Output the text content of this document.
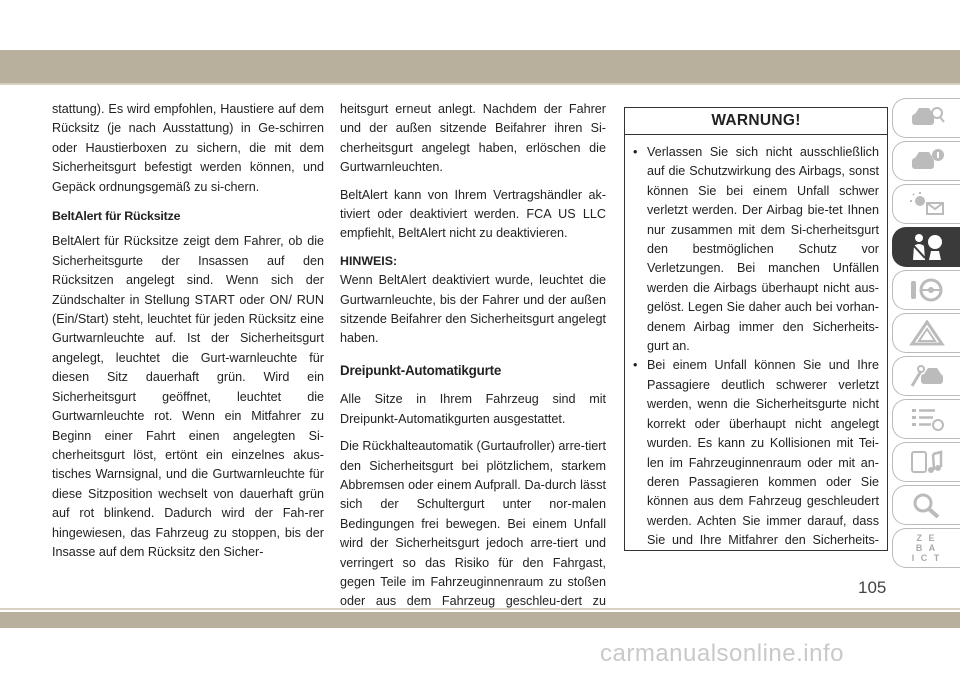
stattung). Es wird empfohlen, Haustiere auf dem Rücksitz (je nach Ausstattung) in Ge-schirren oder Haustierboxen zu sichern, die mit dem Sicherheitsgurt befestigt werden können, und Gepäck ordnungsgemäß zu si-chern.

BeltAlert für Rücksitze

BeltAlert für Rücksitze zeigt dem Fahrer, ob die Sicherheitsgurte der Insassen auf den Rücksitzen angelegt sind. Wenn sich der Zündschalter in Stellung START oder ON/ RUN (Ein/Start) steht, leuchtet für jeden Rücksitz eine Gurtwarnleuchte auf. Ist der Sicherheitsgurt angelegt, leuchtet die Gurt-warnleuchte für diesen Sitz dauerhaft grün. Wird ein Sicherheitsgurt geöffnet, leuchtet die Gurtwarnleuchte rot. Wenn ein Mitfahrer zu Beginn einer Fahrt einen angelegten Si-cherheitsgurt löst, ertönt ein einzelnes akus-tisches Warnsignal, und die Gurtwarnleuchte für diese Sitzposition wechselt von dauerhaft grün auf rot blinkend. Dadurch wird der Fah-rer hingewiesen, das Fahrzeug zu stoppen, bis der Insasse auf dem Rücksitz den Sicher-

heitsgurt erneut anlegt. Nachdem der Fahrer und der außen sitzende Beifahrer ihren Si-cherheitsgurt angelegt haben, erlöschen die Gurtwarnleuchten.

BeltAlert kann von Ihrem Vertragshändler ak-tiviert oder deaktiviert werden. FCA US LLC empfiehlt, BeltAlert nicht zu deaktivieren.

HINWEIS:

Wenn BeltAlert deaktiviert wurde, leuchtet die Gurtwarnleuchte, bis der Fahrer und der außen sitzende Beifahrer den Sicherheitsgurt angelegt haben.

Dreipunkt-Automatikgurte

Alle Sitze in Ihrem Fahrzeug sind mit Dreipunkt-Automatikgurten ausgestattet.

Die Rückhalteautomatik (Gurtaufroller) arre-tiert den Sicherheitsgurt bei plötzlichem, starkem Abbremsen oder einem Aufprall. Da-durch lässt sich der Schultergurt unter nor-malen Bedingungen frei bewegen. Bei einem Unfall wird der Sicherheitsgurt jedoch arre-tiert und verringert so das Risiko für den Fahrgast, gegen Teile im Fahrzeuginnenraum zu stoßen oder aus dem Fahrzeug geschleu-dert zu

WARNUNG!
• Verlassen Sie sich nicht ausschließlich auf die Schutzwirkung des Airbags, sonst können Sie bei einem Unfall schwer verletzt werden. Der Airbag bie-tet Ihnen nur zusammen mit dem Si-cherheitsgurt den bestmöglichen Schutz vor Verletzungen. Bei manchen Unfällen werden die Airbags überhaupt nicht aus-gelöst. Legen Sie daher auch bei vorhan-denem Airbag immer den Sicherheits-gurt an.
• Bei einem Unfall können Sie und Ihre Passagiere deutlich schwerer verletzt werden, wenn die Sicherheitsgurte nicht korrekt oder überhaupt nicht angelegt wurden. Es kann zu Kollisionen mit Tei-len im Fahrzeuginnenraum oder mit an-deren Passagieren kommen oder Sie können aus dem Fahrzeug geschleudert werden. Achten Sie immer darauf, dass Sie und Ihre Mitfahrer den Sicherheits-	Z E
B A
I C T
105
carmanualsonline.info
